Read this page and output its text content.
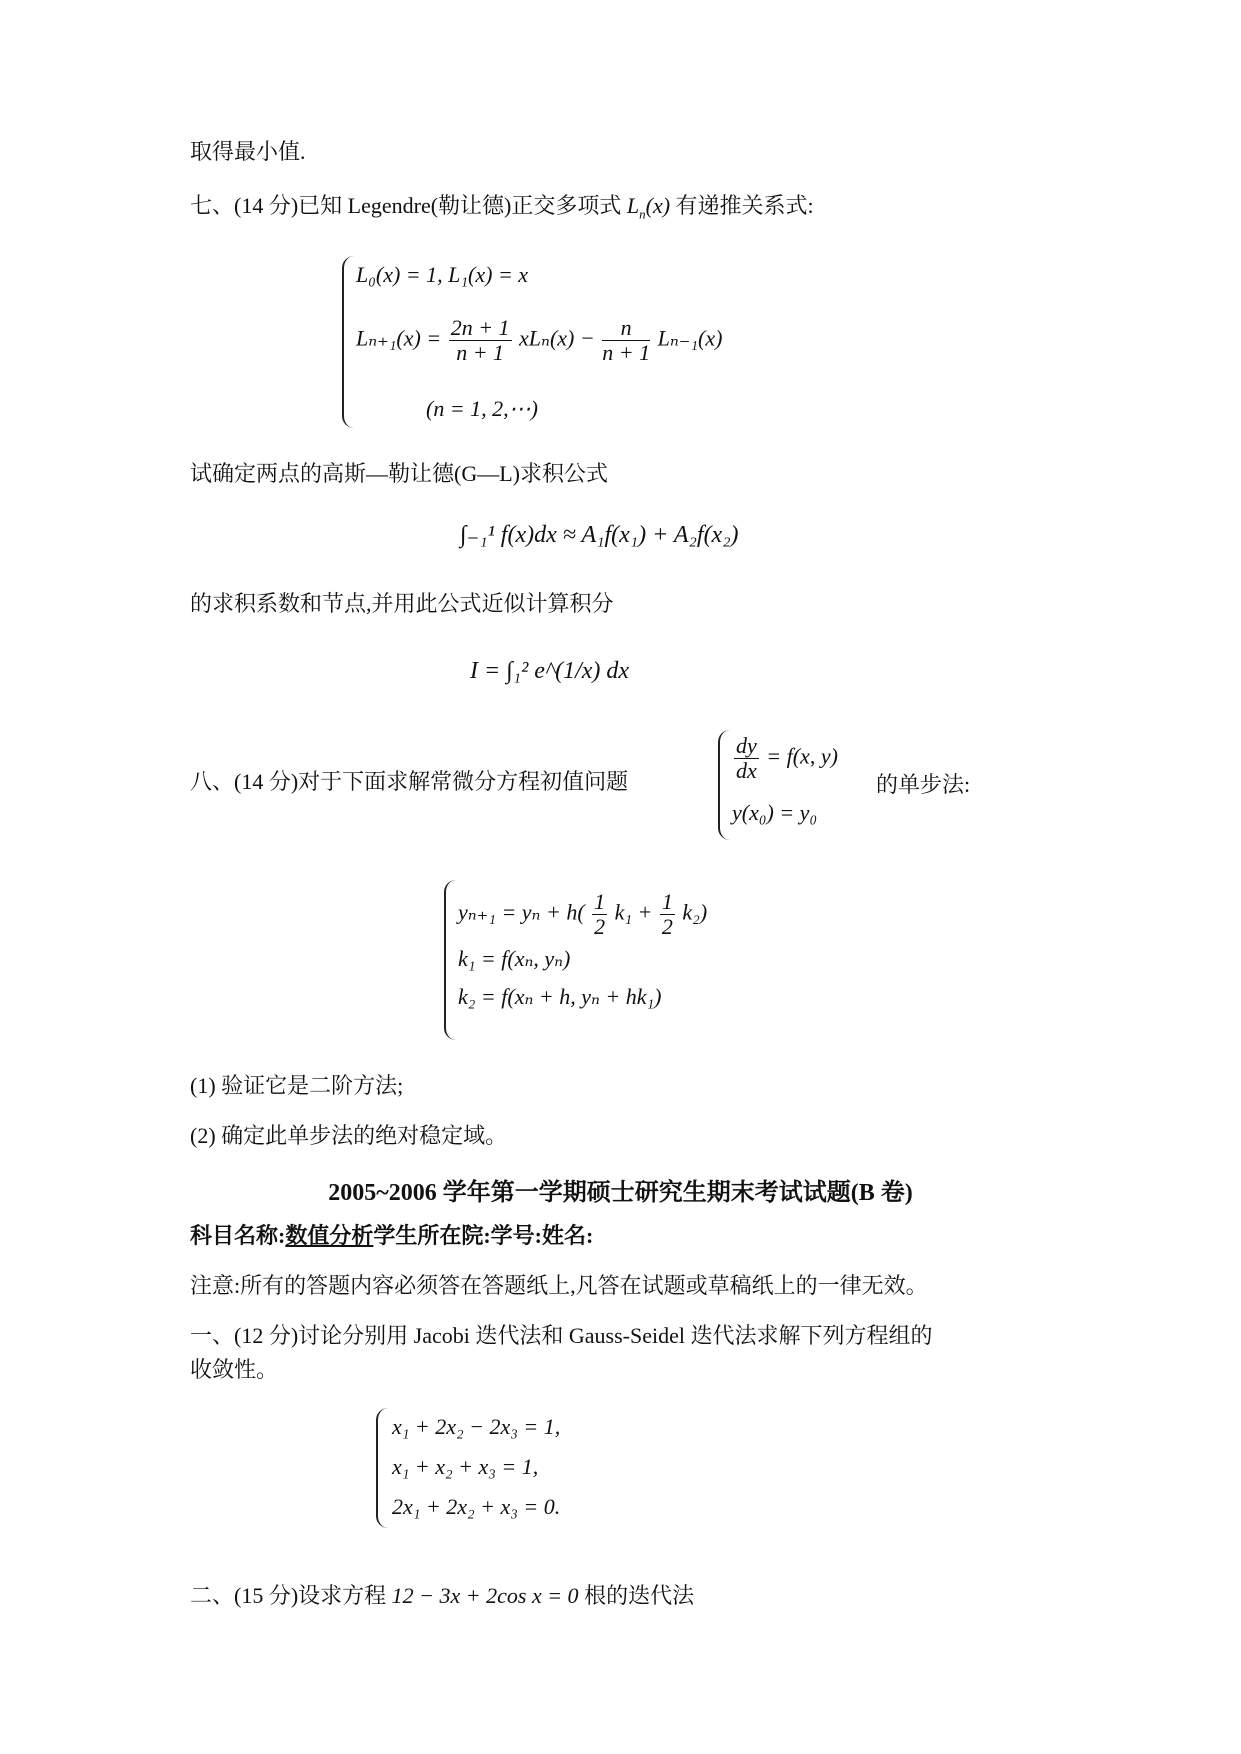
取得最小值.
七、(14 分)已知 Legendre(勒让德)正交多项式 $L_n(x)$ 有递推关系式:
L₀(x) = 1, L₁(x) = x
$L_{n+1}(x) = \frac{2n + 1}{n + 1} xL_n(x) - \frac{n}{n + 1} L_{n-1}(x)$
(n = 1, 2,⋯)
试确定两点的高斯—勒让德(G—L)求积公式
∫₋₁¹ f(x)dx ≈ A₁f(x₁) + A₂f(x₂)
的求积系数和节点,并用此公式近似计算积分
I = ∫₁² e^(1/x) dx
八、(14 分)对于下面求解常微分方程初值问题	$\frac{dy}{dx} = f(x$, y)
y(x₀) = y₀
的单步法:
$y_{n+1} = y_n + h( \frac{1}{2} k_1 + \frac{1}{2} k_2)$
k₁ = f(xₙ, yₙ)
k₂ = f(xₙ + h, yₙ + hk₁)
(1) 验证它是二阶方法;
(2) 确定此单步法的绝对稳定域。
2005~2006 学年第一学期硕士研究生期末考试试题(B 卷)
科目名称:数值分析学生所在院:学号:姓名:
注意:所有的答题内容必须答在答题纸上,凡答在试题或草稿纸上的一律无效。
一、(12 分)讨论分别用 Jacobi 迭代法和 Gauss-Seidel 迭代法求解下列方程组的
收敛性。
x₁ + 2x₂ − 2x₃ = 1,
x₁ + x₂ + x₃ = 1,
2x₁ + 2x₂ + x₃ = 0.
二、(15 分)设求方程 12 − 3x + 2cos x = 0 根的迭代法
